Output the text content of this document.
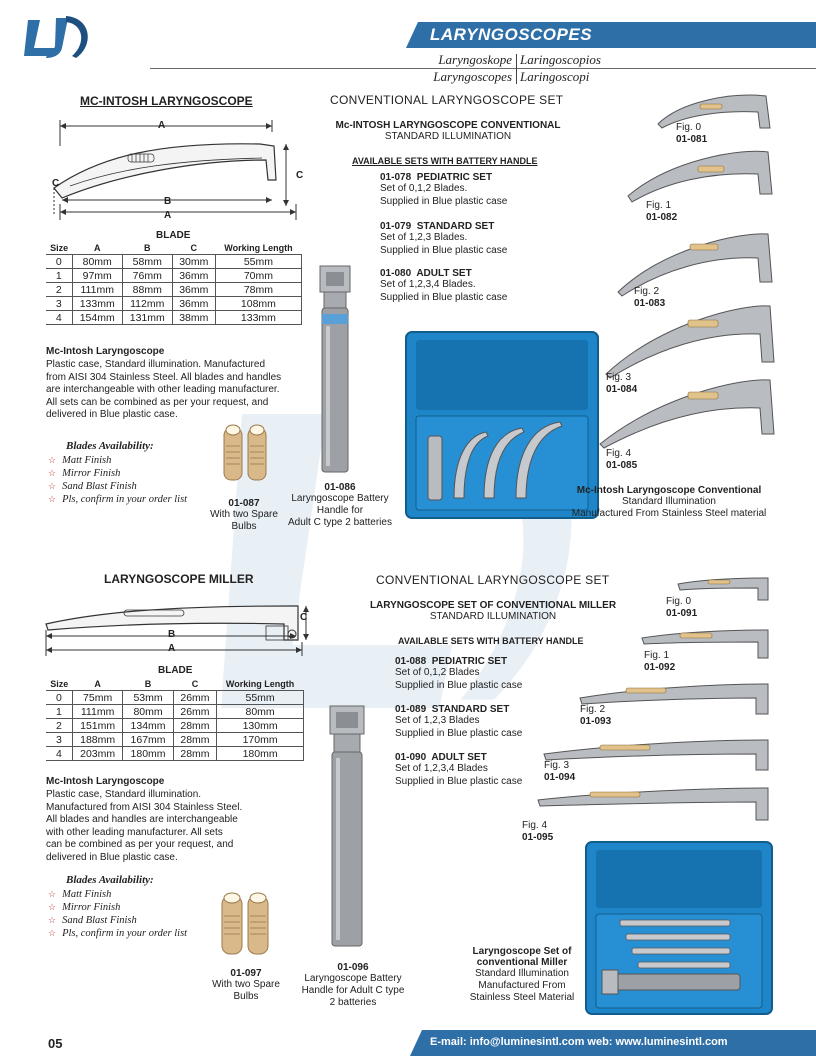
LARYNGOSCOPES
Laryngoskope Laringoscopios
Laryngoscopes Laringoscopi
MC-INTOSH LARYNGOSCOPE
A
C
C
B
A
BLADE
Size	A	B	C	Working Length
0	80mm	58mm	30mm	55mm
1	97mm	76mm	36mm	70mm
2	111mm	88mm	36mm	78mm
3	133mm	112mm	36mm	108mm
4	154mm	131mm	38mm	133mm
Mc-Intosh Laryngoscope
Plastic case, Standard illumination. Manufactured
from AISI 304 Stainless Steel. All blades and handles
are interchangeable with other leading manufacturer.
All sets can be combined as per your request, and
delivered in Blue plastic case.
Blades Availability:
☆ Matt Finish
☆ Mirror Finish
☆ Sand Blast Finish
☆ Pls, confirm in your order list	01-087
With two Spare
Bulbs
01-086
Laryngoscope Battery
Handle for
Adult C type 2 batteries
CONVENTIONAL LARYNGOSCOPE SET
Mc-INTOSH LARYNGOSCOPE CONVENTIONAL
STANDARD ILLUMINATION
AVAILABLE SETS WITH BATTERY HANDLE
01-078 PEDIATRIC SET
Set of 0,1,2 Blades.
Supplied in Blue plastic case
01-079 STANDARD SET
Set of 1,2,3 Blades.
Supplied in Blue plastic case
01-080 ADULT SET
Set of 1,2,3,4 Blades.
Supplied in Blue plastic case
Fig. 0
01-081
Fig. 1
01-082
Fig. 2
01-083
Fig. 3
01-084
Fig. 4
01-085
Mc-Intosh Laryngoscope Conventional
Standard Illumination
Manufactured From Stainless Steel material
LARYNGOSCOPE MILLER
C
B
A
BLADE
Size	A	B	C	Working Length
0	75mm	53mm	26mm	55mm
1	111mm	80mm	26mm	80mm
2	151mm	134mm	28mm	130mm
3	188mm	167mm	28mm	170mm
4	203mm	180mm	28mm	180mm
Mc-Intosh Laryngoscope
Plastic case, Standard illumination.
Manufactured from AISI 304 Stainless Steel.
All blades and handles are interchangeable
with other leading manufacturer. All sets
can be combined as per your request, and
delivered in Blue plastic case.
Blades Availability:
☆ Matt Finish
☆ Mirror Finish
☆ Sand Blast Finish
☆ Pls, confirm in your order list
01-097
With two Spare
Bulbs
01-096
Laryngoscope Battery
Handle for Adult C type
2 batteries
CONVENTIONAL LARYNGOSCOPE SET
LARYNGOSCOPE SET OF CONVENTIONAL MILLER
STANDARD ILLUMINATION
AVAILABLE SETS WITH BATTERY HANDLE
01-088 PEDIATRIC SET
Set of 0,1,2 Blades
Supplied in Blue plastic case
01-089 STANDARD SET
Set of 1,2,3 Blades
Supplied in Blue plastic case
01-090 ADULT SET
Set of 1,2,3,4 Blades
Supplied in Blue plastic case
Fig. 0
01-091
Fig. 1
01-092
Fig. 2
01-093
Fig. 3
01-094
Fig. 4
01-095
Laryngoscope Set of
conventional Miller
Standard Illumination
Manufactured From
Stainless Steel Material
05	E-mail: info@luminesintl.com web: www.luminesintl.com
